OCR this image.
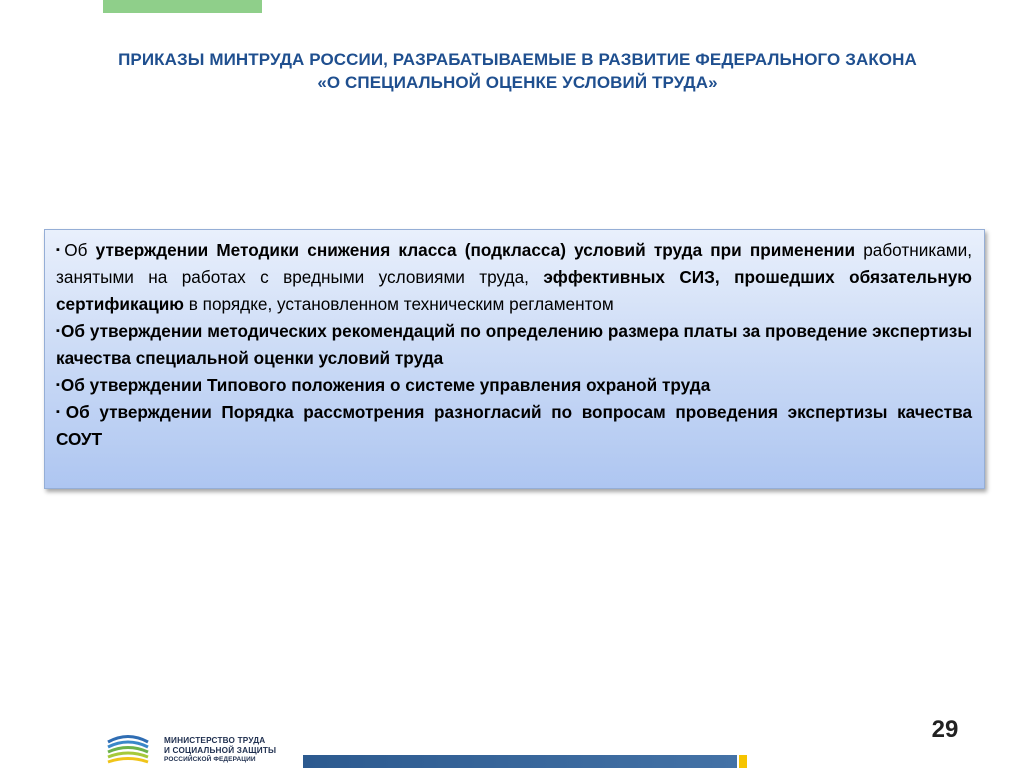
ПРИКАЗЫ МИНТРУДА РОССИИ, РАЗРАБАТЫВАЕМЫЕ В РАЗВИТИЕ ФЕДЕРАЛЬНОГО ЗАКОНА
«О СПЕЦИАЛЬНОЙ ОЦЕНКЕ УСЛОВИЙ ТРУДА»

▪Об утверждении Методики снижения класса (подкласса) условий труда при применении работниками, занятыми на работах с вредными условиями труда, эффективных СИЗ, прошедших обязательную сертификацию в порядке, установленном техническим регламентом

▪Об утверждении методических рекомендаций по определению размера платы за проведение экспертизы качества специальной оценки условий труда

▪Об утверждении Типового положения о системе управления охраной труда

▪Об утверждении Порядка рассмотрения разногласий по вопросам проведения экспертизы качества СОУТ

29
МИНИСТЕРСТВО ТРУДА
И СОЦИАЛЬНОЙ ЗАЩИТЫ
РОССИЙСКОЙ ФЕДЕРАЦИИ
